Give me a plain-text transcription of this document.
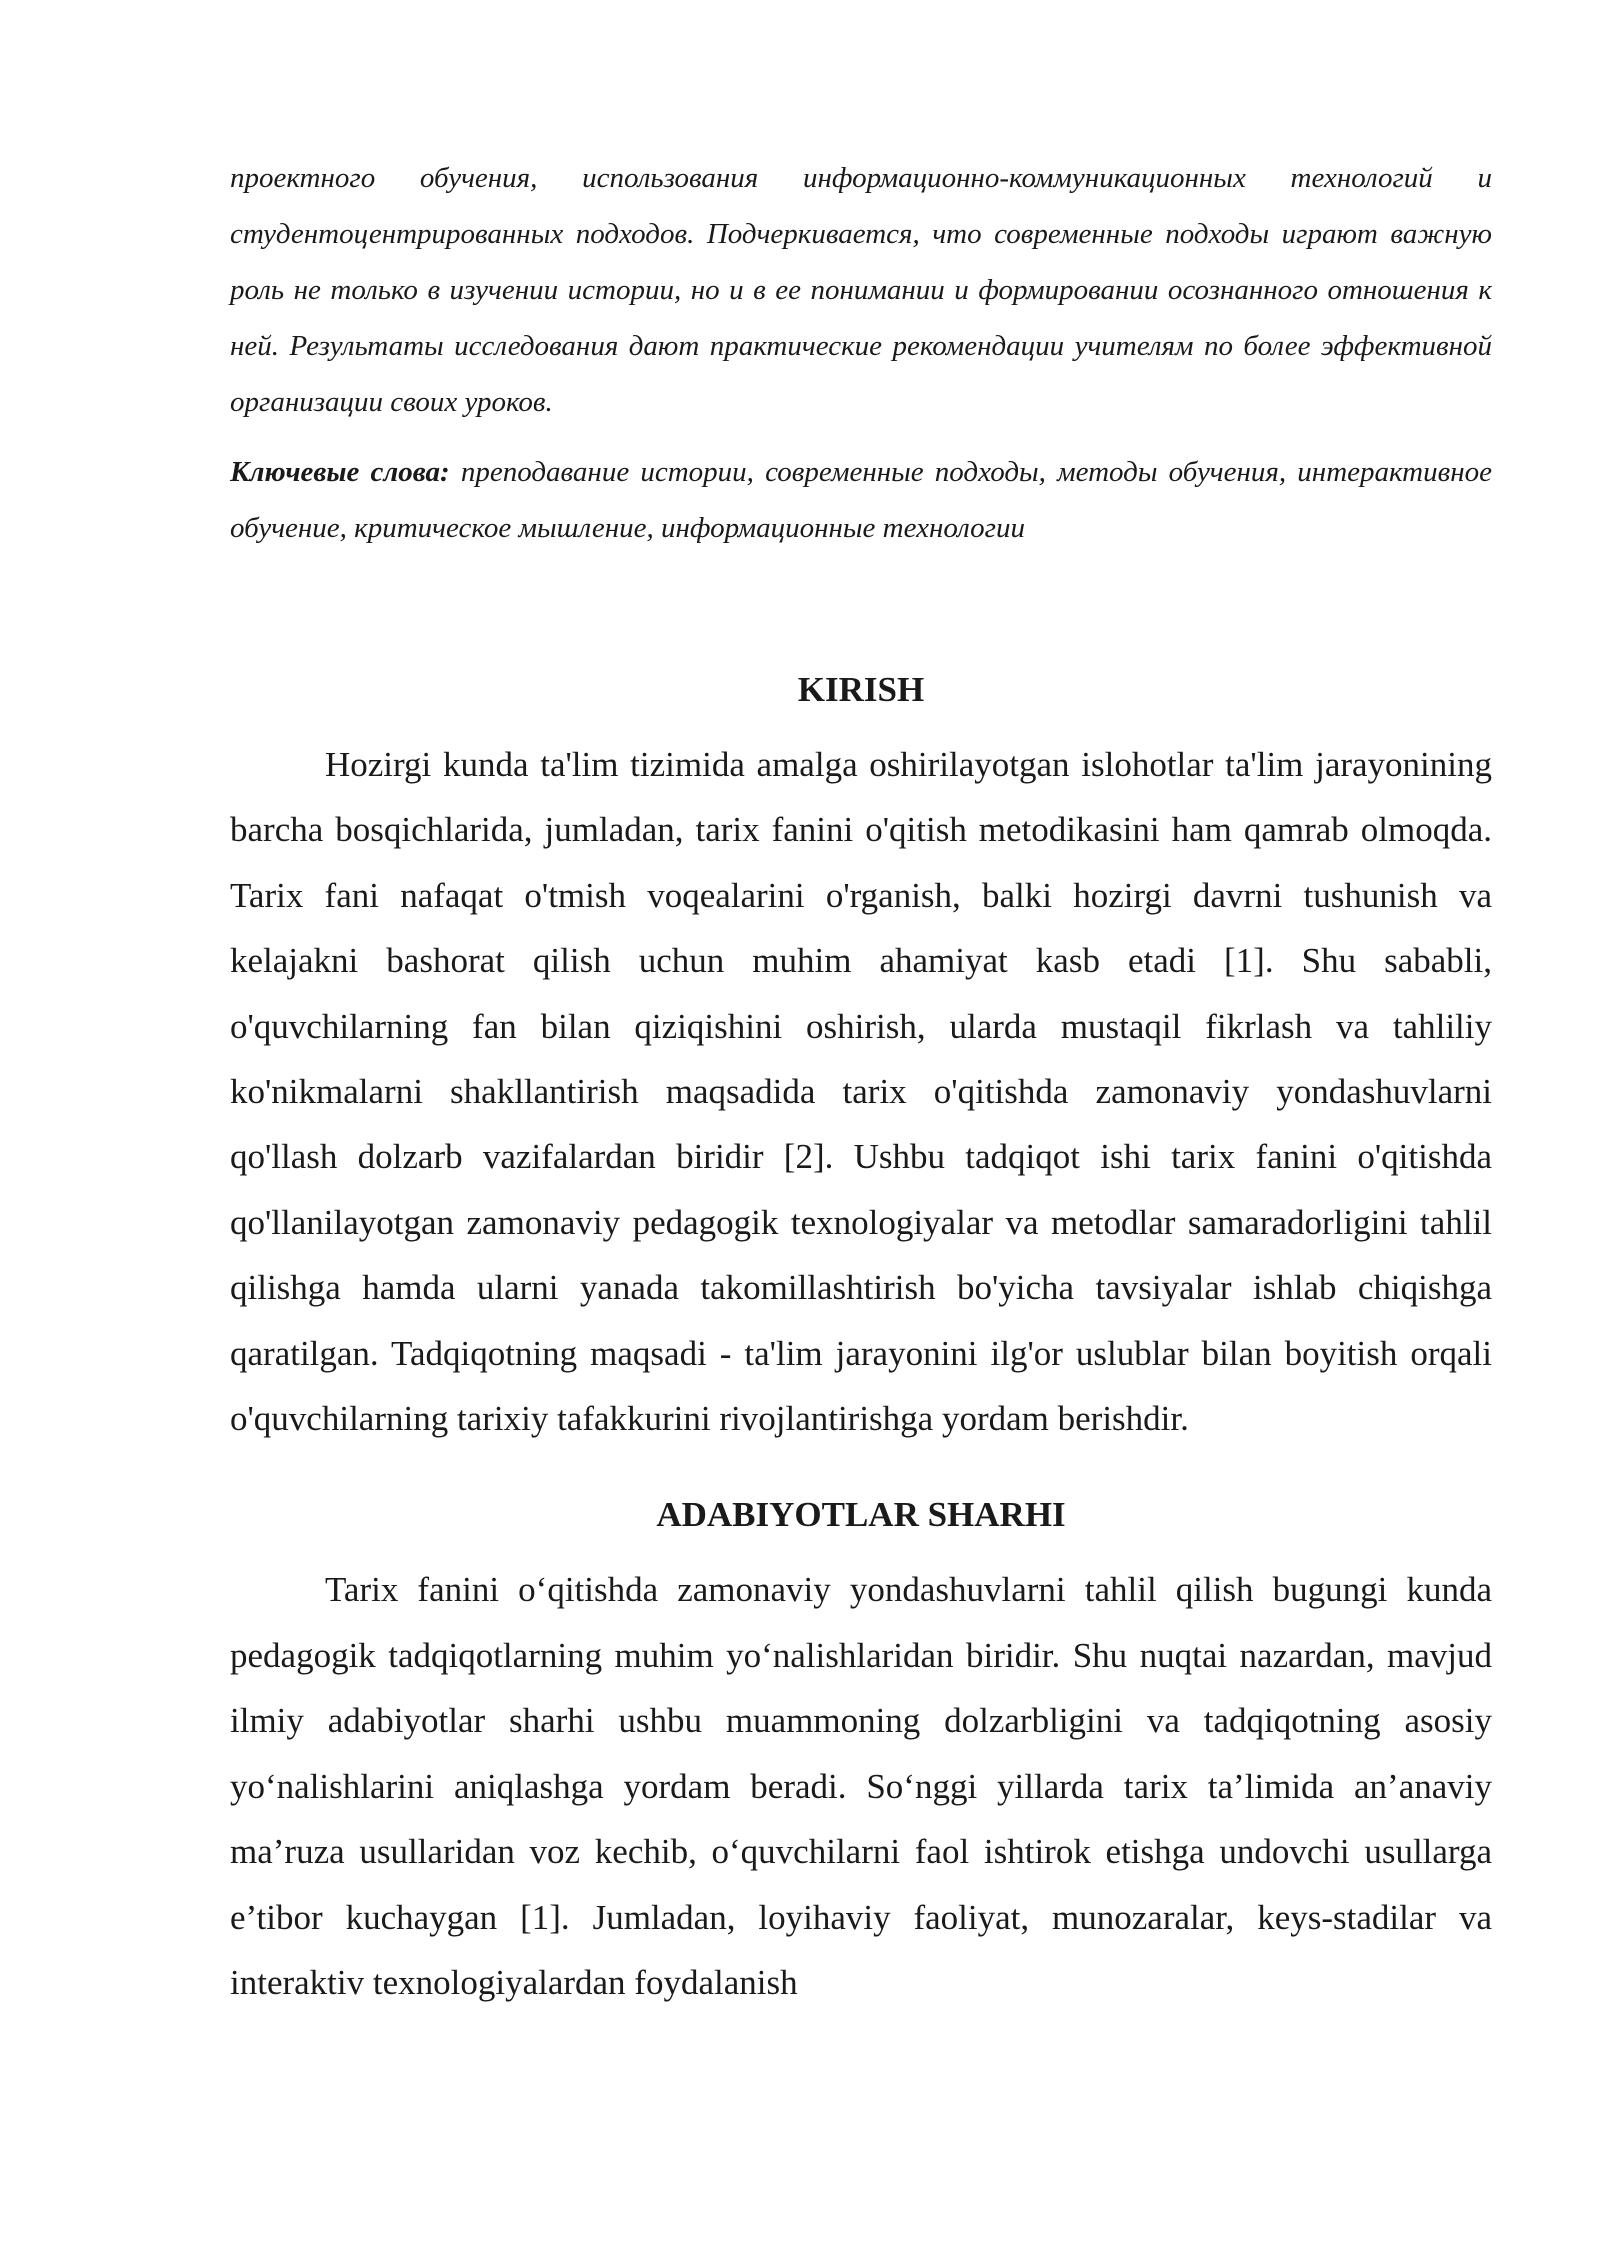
проектного обучения, использования информационно-коммуникационных технологий и студентоцентрированных подходов. Подчеркивается, что современные подходы играют важную роль не только в изучении истории, но и в ее понимании и формировании осознанного отношения к ней. Результаты исследования дают практические рекомендации учителям по более эффективной организации своих уроков.

Ключевые слова: преподавание истории, современные подходы, методы обучения, интерактивное обучение, критическое мышление, информационные технологии

KIRISH

Hozirgi kunda ta'lim tizimida amalga oshirilayotgan islohotlar ta'lim jarayonining barcha bosqichlarida, jumladan, tarix fanini o'qitish metodikasini ham qamrab olmoqda. Tarix fani nafaqat o'tmish voqealarini o'rganish, balki hozirgi davrni tushunish va kelajakni bashorat qilish uchun muhim ahamiyat kasb etadi [1]. Shu sababli, o'quvchilarning fan bilan qiziqishini oshirish, ularda mustaqil fikrlash va tahliliy ko'nikmalarni shakllantirish maqsadida tarix o'qitishda zamonaviy yondashuvlarni qo'llash dolzarb vazifalardan biridir [2]. Ushbu tadqiqot ishi tarix fanini o'qitishda qo'llanilayotgan zamonaviy pedagogik texnologiyalar va metodlar samaradorligini tahlil qilishga hamda ularni yanada takomillashtirish bo'yicha tavsiyalar ishlab chiqishga qaratilgan. Tadqiqotning maqsadi - ta'lim jarayonini ilg'or uslublar bilan boyitish orqali o'quvchilarning tarixiy tafakkurini rivojlantirishga yordam berishdir.

ADABIYOTLAR SHARHI

Tarix fanini o‘qitishda zamonaviy yondashuvlarni tahlil qilish bugungi kunda pedagogik tadqiqotlarning muhim yo‘nalishlaridan biridir. Shu nuqtai nazardan, mavjud ilmiy adabiyotlar sharhi ushbu muammoning dolzarbligini va tadqiqotning asosiy yo‘nalishlarini aniqlashga yordam beradi. So‘nggi yillarda tarix ta’limida an’anaviy ma’ruza usullaridan voz kechib, o‘quvchilarni faol ishtirok etishga undovchi usullarga e’tibor kuchaygan [1]. Jumladan, loyihaviy faoliyat, munozaralar, keys-stadilar va interaktiv texnologiyalardan foydalanish
